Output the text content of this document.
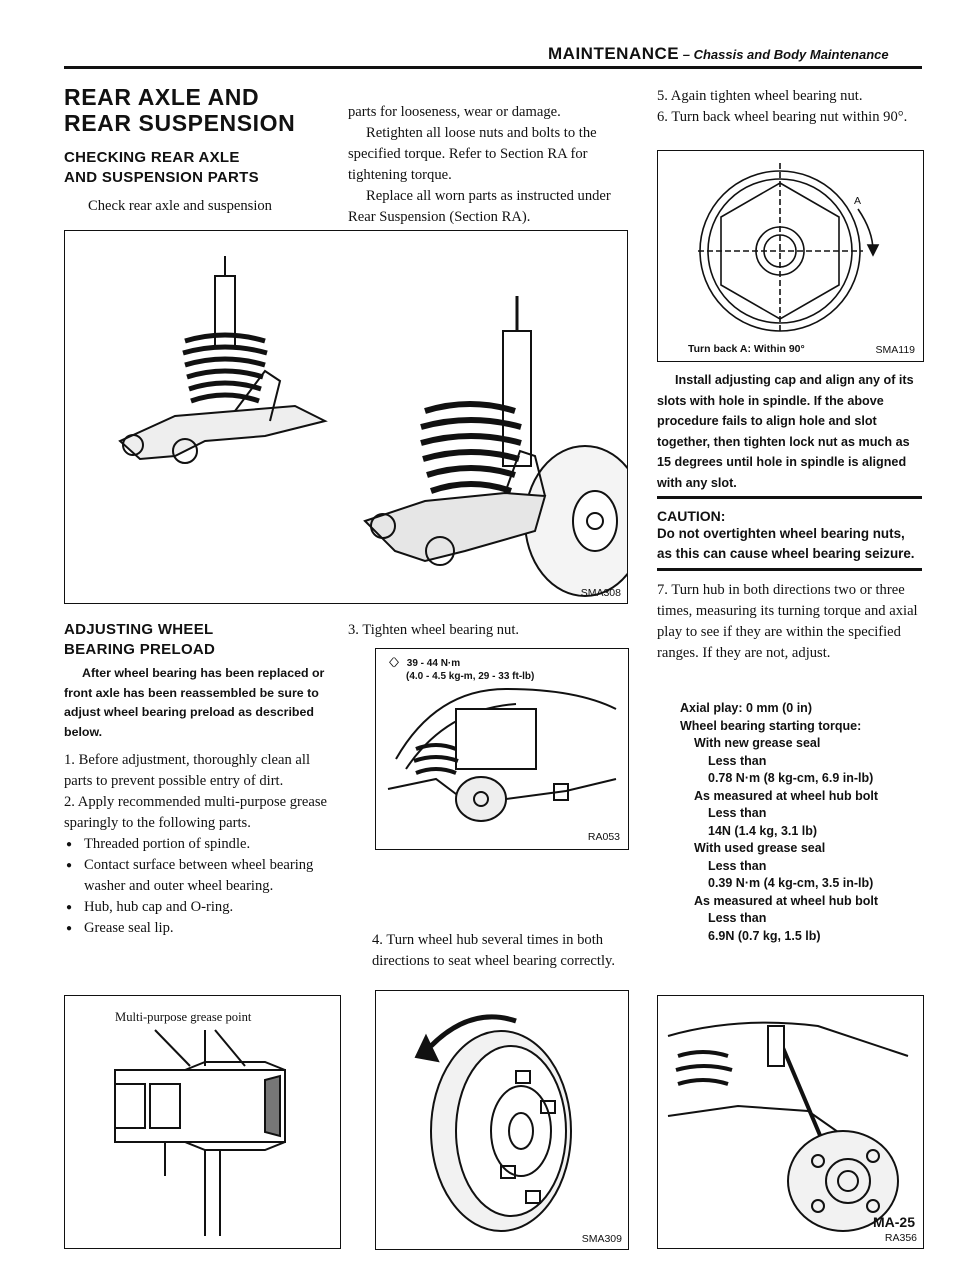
MAINTENANCE – Chassis and Body Maintenance
REAR AXLE AND
REAR SUSPENSION
CHECKING REAR AXLE
AND SUSPENSION PARTS
Check rear axle and suspension

parts for looseness, wear or damage.

Retighten all loose nuts and bolts to the specified torque. Refer to Section RA for tightening torque.

Replace all worn parts as instructed under Rear Suspension (Section RA).

SMA308
ADJUSTING WHEEL
BEARING PRELOAD
After wheel bearing has been replaced or front axle has been reassembled be sure to adjust wheel bearing preload as described below.

1. Before adjustment, thoroughly clean all parts to prevent possible entry of dirt.

2. Apply recommended multi-purpose grease sparingly to the following parts.

● Threaded portion of spindle.
● Contact surface between wheel bearing washer and outer wheel bearing.
● Hub, hub cap and O-ring.
● Grease seal lip.
Multi-purpose grease point
3. Tighten wheel bearing nut.
〈〉 39 - 44 N·m
(4.0 - 4.5 kg-m, 29 - 33 ft-lb)
RA053
4. Turn wheel hub several times in both directions to seat wheel bearing correctly.
SMA309

5. Again tighten wheel bearing nut.

6. Turn back wheel bearing nut within 90°.

A
Turn back A: Within 90°	SMA119
Install adjusting cap and align any of its slots with hole in spindle. If the above procedure fails to align hole and slot together, then tighten lock nut as much as 15 degrees until hole in spindle is aligned with any slot.
CAUTION:
Do not overtighten wheel bearing nuts, as this can cause wheel bearing seizure.
7. Turn hub in both directions two or three times, measuring its turning torque and axial play to see if they are within the specified ranges. If they are not, adjust.
Axial play: 0 mm (0 in)
Wheel bearing starting torque:
With new grease seal
Less than
0.78 N·m (8 kg-cm, 6.9 in-lb)
As measured at wheel hub bolt
Less than
14N (1.4 kg, 3.1 lb)
With used grease seal
Less than
0.39 N·m (4 kg-cm, 3.5 in-lb)
As measured at wheel hub bolt
Less than
6.9N (0.7 kg, 1.5 lb)
RA356
MA-25
